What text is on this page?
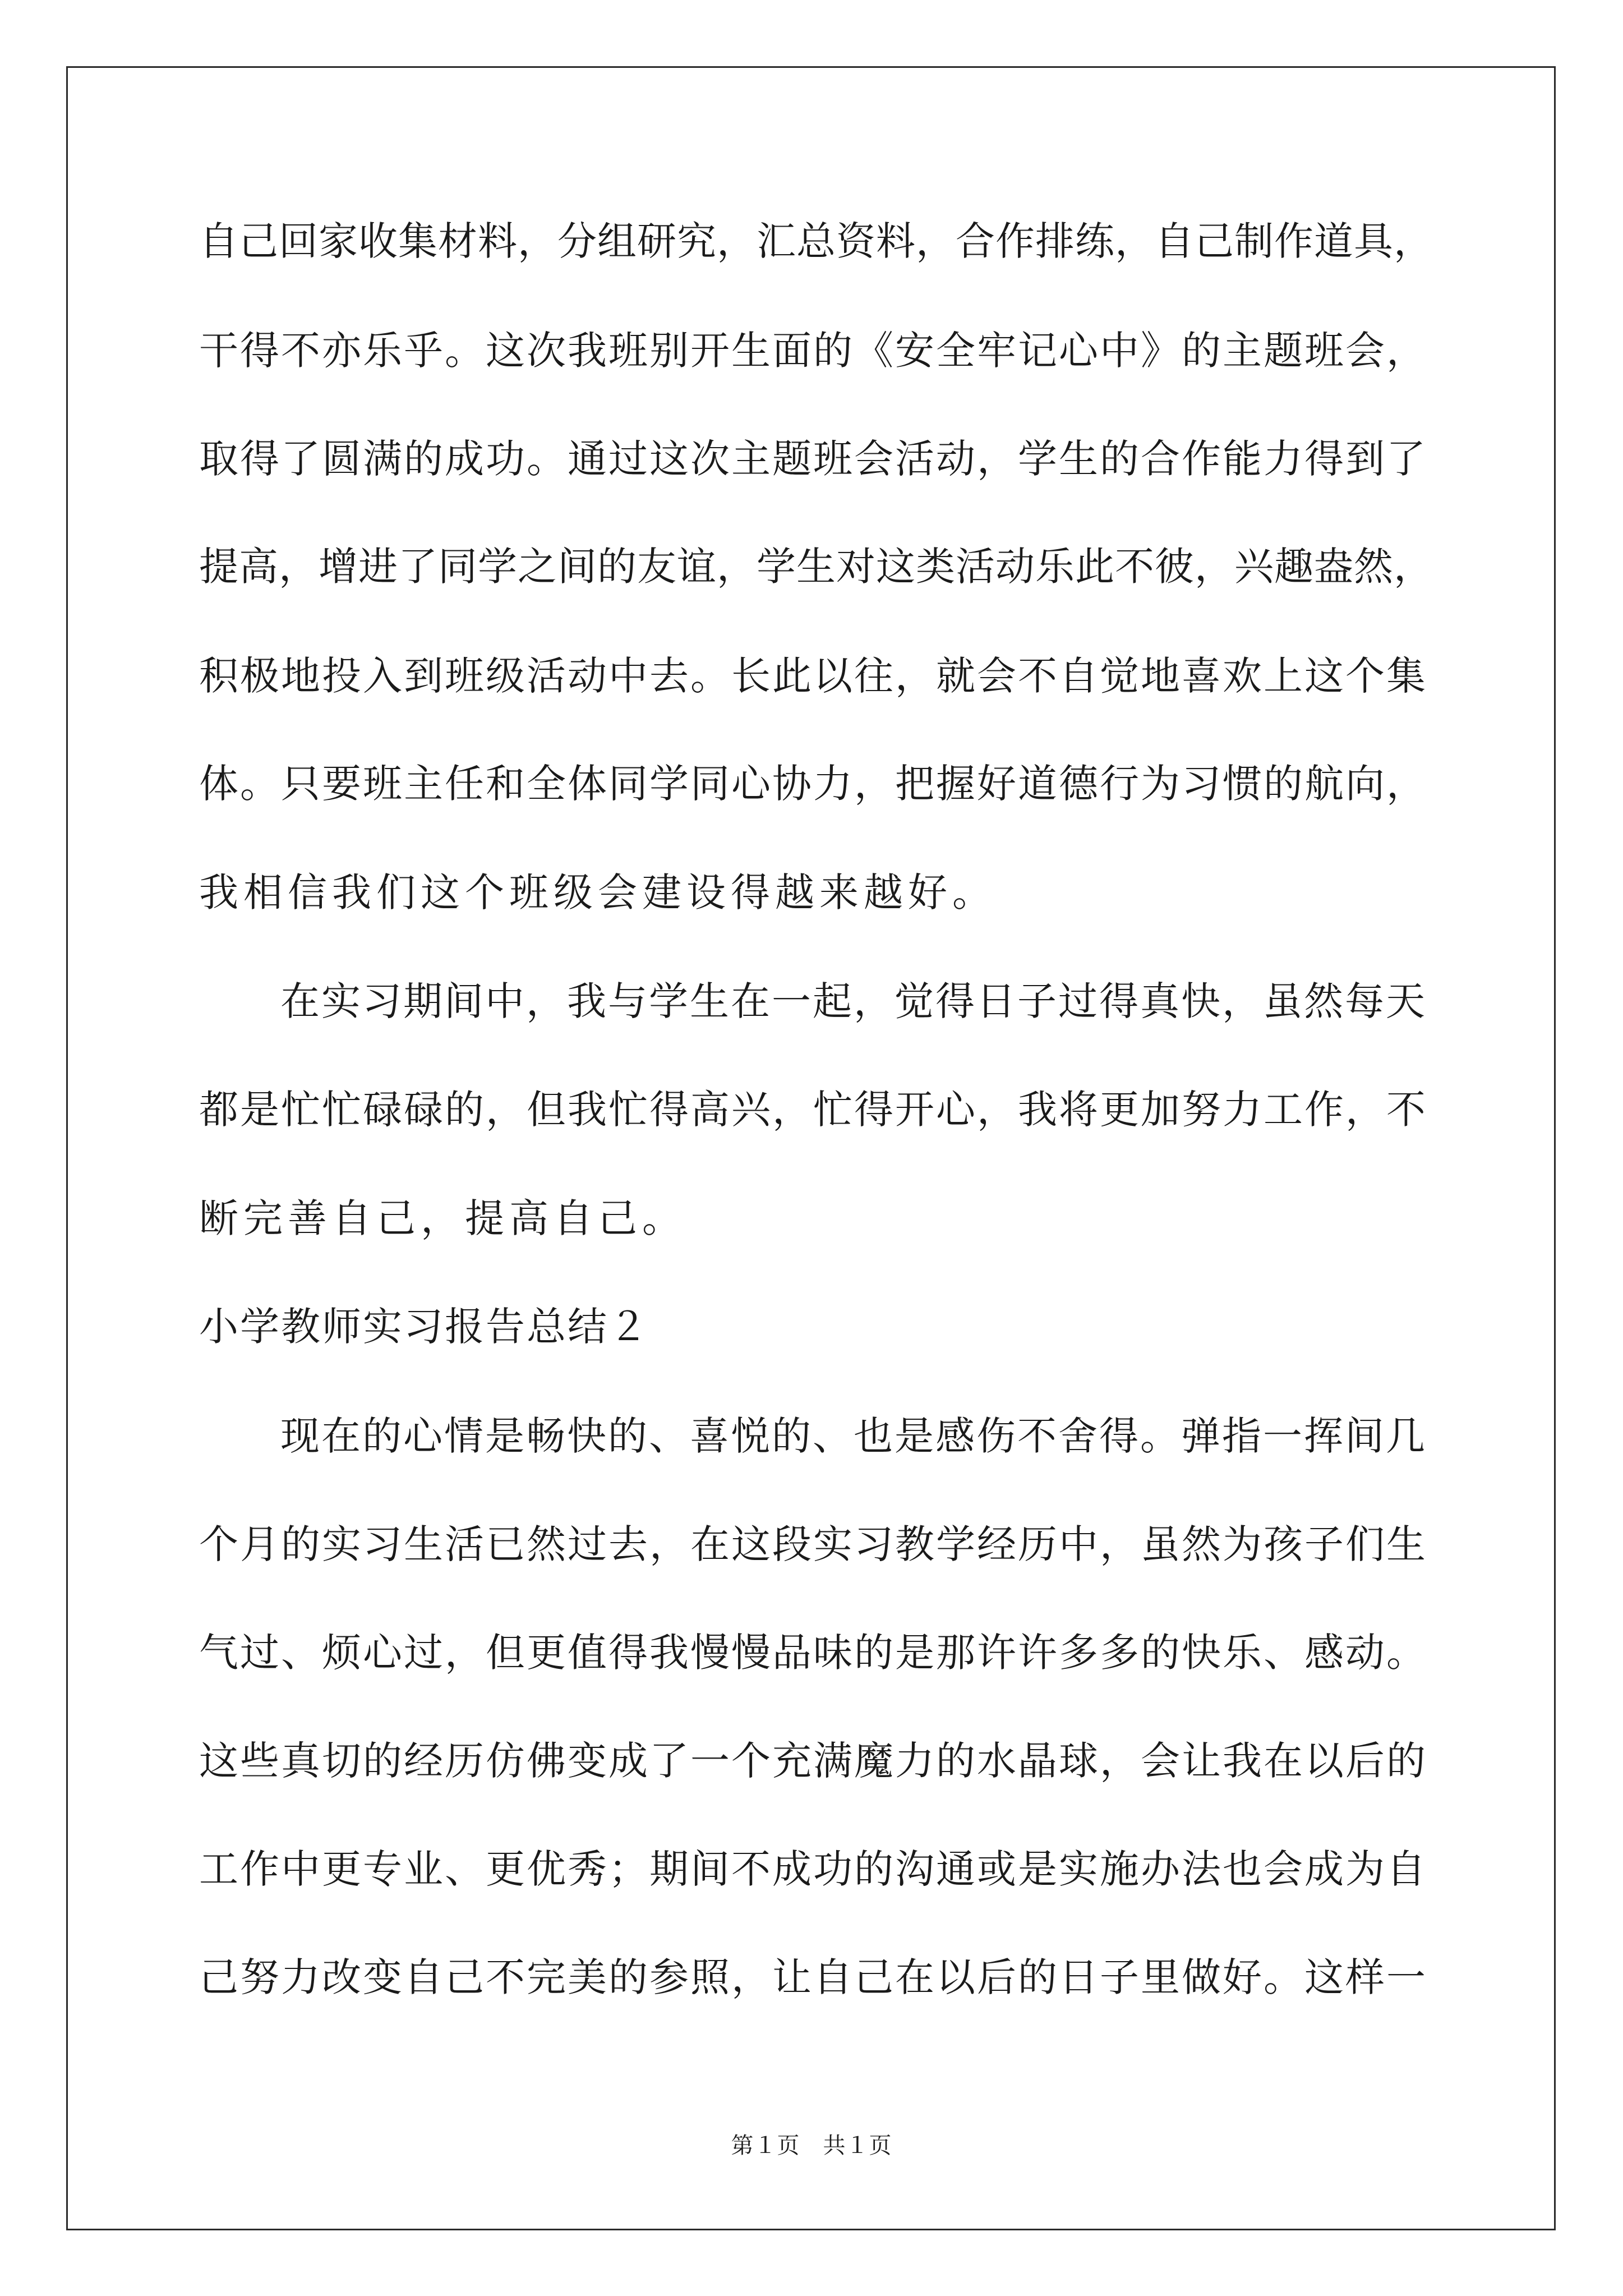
自己回家收集材料，分组研究，汇总资料，合作排练，自己制作道具，
干得不亦乐乎。这次我班别开生面的《安全牢记心中》的主题班会，
取得了圆满的成功。通过这次主题班会活动，学生的合作能力得到了
提高，增进了同学之间的友谊，学生对这类活动乐此不彼，兴趣盎然，
积极地投入到班级活动中去。长此以往，就会不自觉地喜欢上这个集
体。只要班主任和全体同学同心协力，把握好道德行为习惯的航向，
我相信我们这个班级会建设得越来越好。
在实习期间中，我与学生在一起，觉得日子过得真快，虽然每天
都是忙忙碌碌的，但我忙得高兴，忙得开心，我将更加努力工作，不
断完善自己，提高自己。
小学教师实习报告总结２
现在的心情是畅快的、喜悦的、也是感伤不舍得。弹指一挥间几
个月的实习生活已然过去，在这段实习教学经历中，虽然为孩子们生
气过、烦心过，但更值得我慢慢品味的是那许许多多的快乐、感动。
这些真切的经历仿佛变成了一个充满魔力的水晶球，会让我在以后的
工作中更专业、更优秀；期间不成功的沟通或是实施办法也会成为自
己努力改变自己不完美的参照，让自己在以后的日子里做好。这样一
第１页　共１页
